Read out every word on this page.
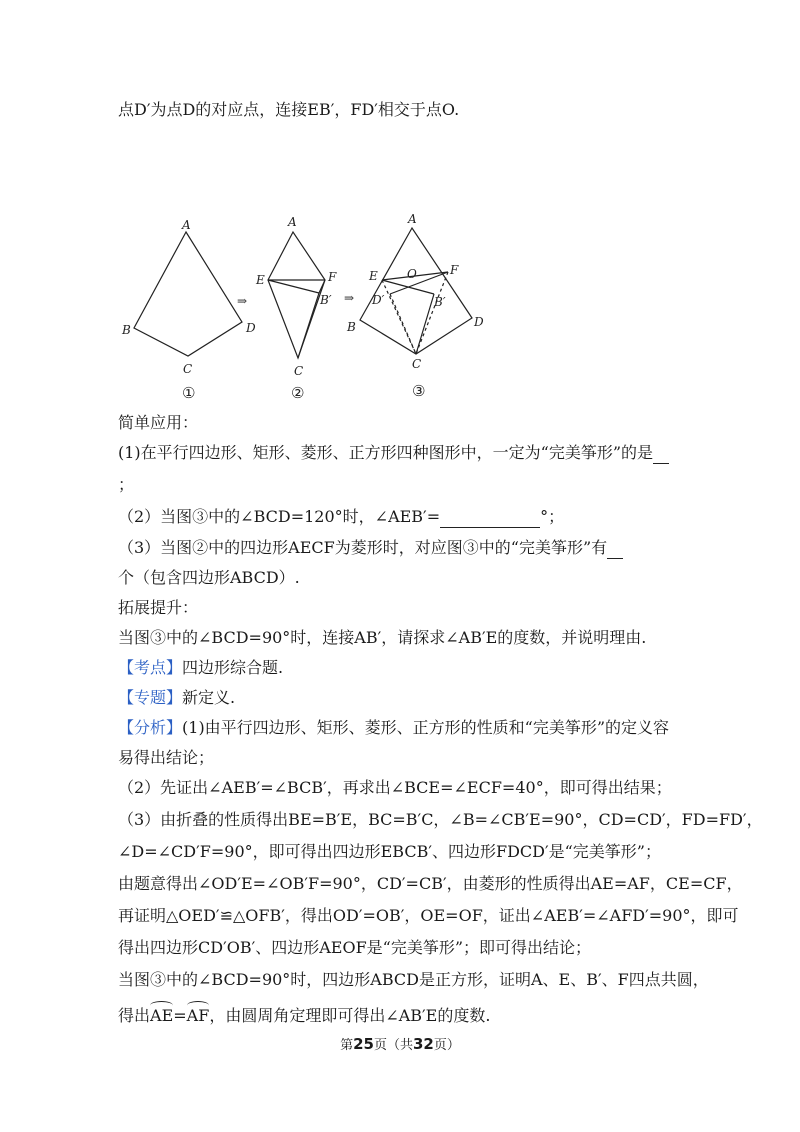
点D′为点D的对应点，连接EB′，FD′相交于点O.
A
B	D
C
①
⇒
A
E	F
B′
C
②
⇒
A
E O	F
D′	B′
B	D
C
③
简单应用：
(1)在平行四边形、矩形、菱形、正方形四种图形中，一定为“完美筝形”的是
；
（2）当图③中的∠BCD=120°时，∠AEB′=	°；
（3）当图②中的四边形AECF为菱形时，对应图③中的“完美筝形”有
个（包含四边形ABCD）.
拓展提升：
当图③中的∠BCD=90°时，连接AB′，请探求∠AB′E的度数，并说明理由.
【考点】四边形综合题.
【专题】新定义.
【分析】(1)由平行四边形、矩形、菱形、正方形的性质和“完美筝形”的定义容
易得出结论；
（2）先证出∠AEB′=∠BCB′，再求出∠BCE=∠ECF=40°，即可得出结果；
（3）由折叠的性质得出BE=B′E，BC=B′C，∠B=∠CB′E=90°，CD=CD′，FD=FD′，
∠D=∠CD′F=90°，即可得出四边形EBCB′、四边形FDCD′是“完美筝形”；
由题意得出∠OD′E=∠OB′F=90°，CD′=CB′，由菱形的性质得出AE=AF，CE=CF，
再证明△OED′≌△OFB′，得出OD′=OB′，OE=OF，证出∠AEB′=∠AFD′=90°，即可
得出四边形CD′OB′、四边形AEOF是“完美筝形”；即可得出结论；
当图③中的∠BCD=90°时，四边形ABCD是正方形，证明A、E、B′、F四点共圆，
得出AE=AF，由圆周角定理即可得出∠AB′E的度数.
第25页（共32页）
